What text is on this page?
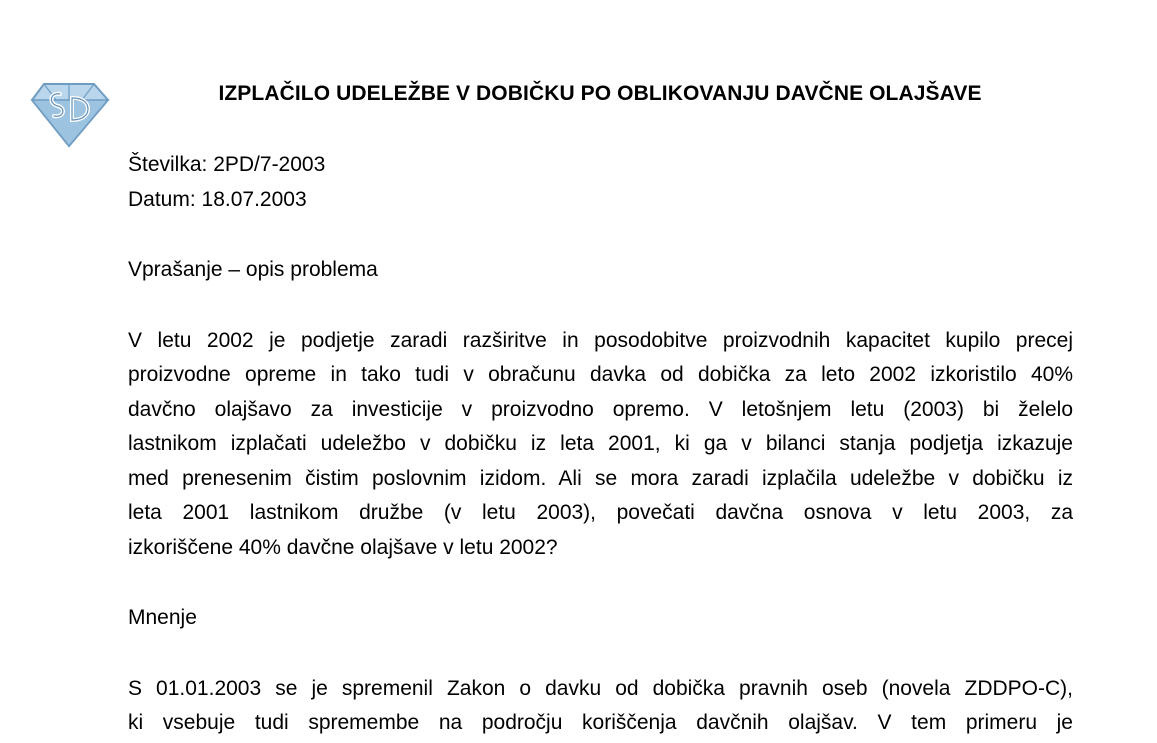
IZPLAČILO UDELEŽBE V DOBIČKU PO OBLIKOVANJU DAVČNE OLAJŠAVE
Številka: 2PD/7-2003
Datum: 18.07.2003
Vprašanje – opis problema
V letu 2002 je podjetje zaradi razširitve in posodobitve proizvodnih kapacitet kupilo precej
proizvodne opreme in tako tudi v obračunu davka od dobička za leto 2002 izkoristilo 40%
davčno olajšavo za investicije v proizvodno opremo. V letošnjem letu (2003) bi želelo
lastnikom izplačati udeležbo v dobičku iz leta 2001, ki ga v bilanci stanja podjetja izkazuje
med prenesenim čistim poslovnim izidom. Ali se mora zaradi izplačila udeležbe v dobičku iz
leta 2001 lastnikom družbe (v letu 2003), povečati davčna osnova v letu 2003, za
izkoriščene 40% davčne olajšave v letu 2002?
Mnenje
S 01.01.2003 se je spremenil Zakon o davku od dobička pravnih oseb (novela ZDDPO-C),
ki vsebuje tudi spremembe na področju koriščenja davčnih olajšav. V tem primeru je
